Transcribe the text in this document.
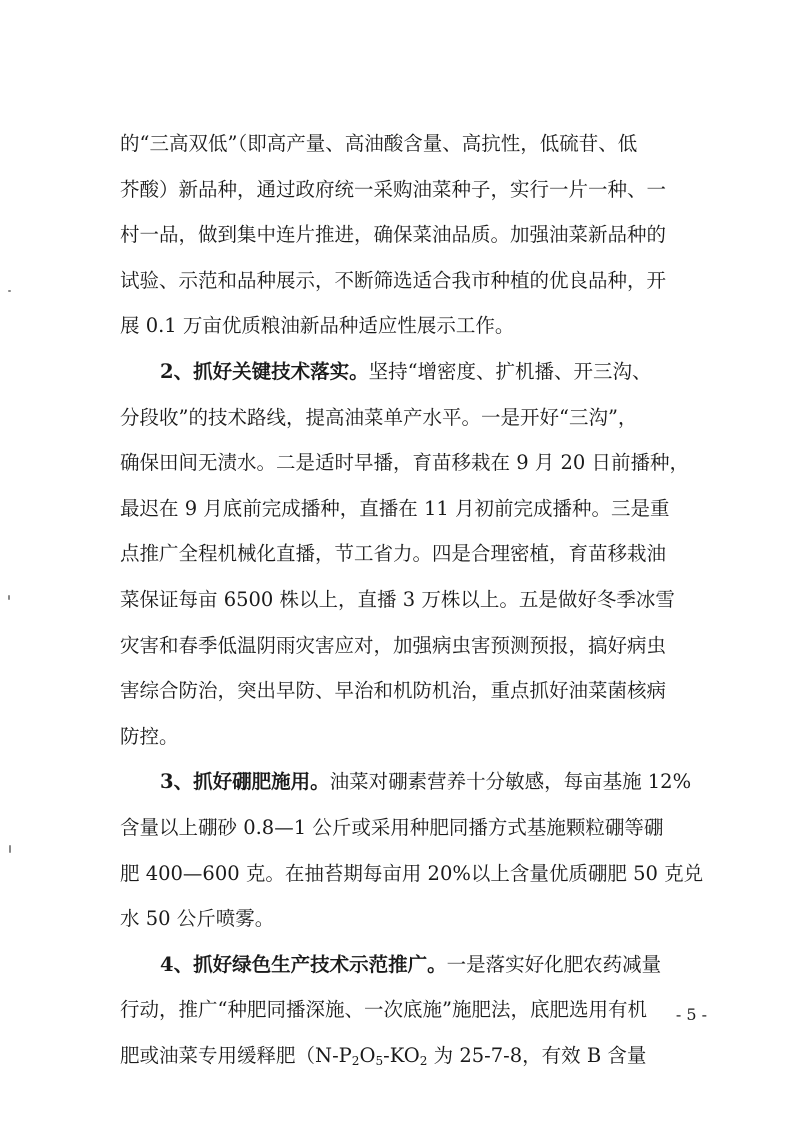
的“三高双低”（即高产量、高油酸含量、高抗性，低硫苷、低
芥酸）新品种，通过政府统一采购油菜种子，实行一片一种、一
村一品，做到集中连片推进，确保菜油品质。加强油菜新品种的
试验、示范和品种展示，不断筛选适合我市种植的优良品种，开
展 0.1 万亩优质粮油新品种适应性展示工作。
2、抓好关键技术落实。坚持“增密度、扩机播、开三沟、
分段收”的技术路线，提高油菜单产水平。一是开好“三沟”，
确保田间无渍水。二是适时早播，育苗移栽在 9 月 20 日前播种，
最迟在 9 月底前完成播种，直播在 11 月初前完成播种。三是重
点推广全程机械化直播，节工省力。四是合理密植，育苗移栽油
菜保证每亩 6500 株以上，直播 3 万株以上。五是做好冬季冰雪
灾害和春季低温阴雨灾害应对，加强病虫害预测预报，搞好病虫
害综合防治，突出早防、早治和机防机治，重点抓好油菜菌核病
防控。
3、抓好硼肥施用。油菜对硼素营养十分敏感，每亩基施 12%
含量以上硼砂 0.8—1 公斤或采用种肥同播方式基施颗粒硼等硼
肥 400—600 克。在抽苔期每亩用 20%以上含量优质硼肥 50 克兑
水 50 公斤喷雾。
4、抓好绿色生产技术示范推广。一是落实好化肥农药减量
行动，推广“种肥同播深施、一次底施”施肥法，底肥选用有机 - 5 -
肥或油菜专用缓释肥（$N-P_2O_5-KO_2$ 为 25-7-8，有效 B 含量
